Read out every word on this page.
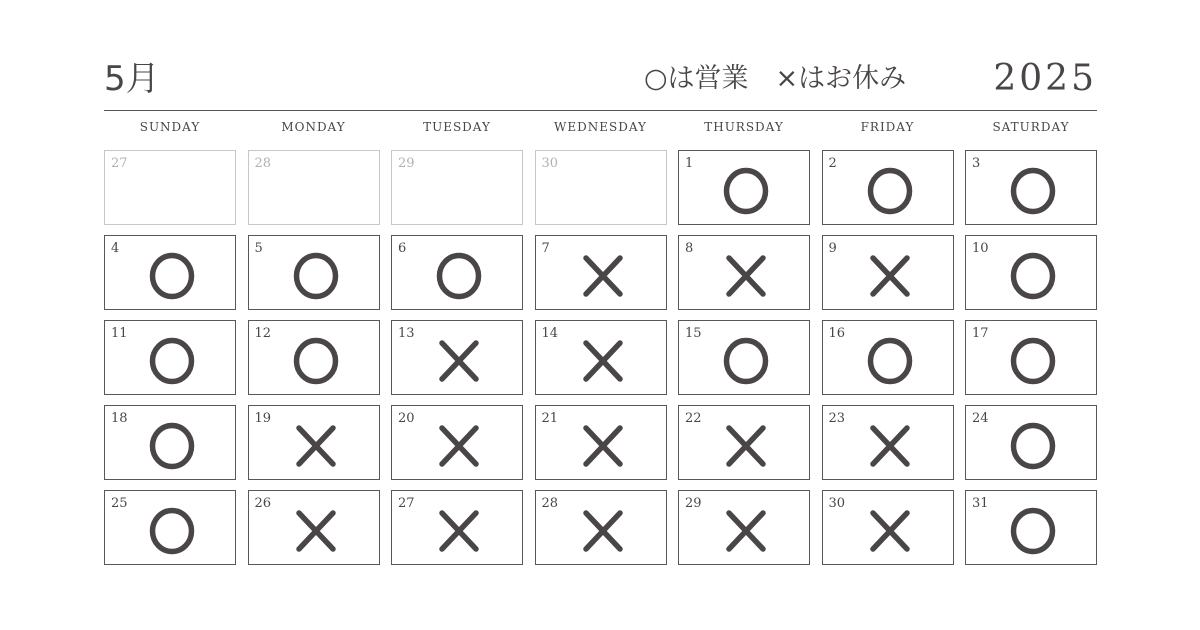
5月	○は営業　×はお休み 2025
SUNDAY	MONDAY	TUESDAY	WEDNESDAY	THURSDAY	FRIDAY	SATURDAY
27	28	29	30	1	2	3
4	5	6	7	8	9	10
11	12	13	14	15	16	17
18	19	20	21	22	23	24
25	26	27	28	29	30	31
